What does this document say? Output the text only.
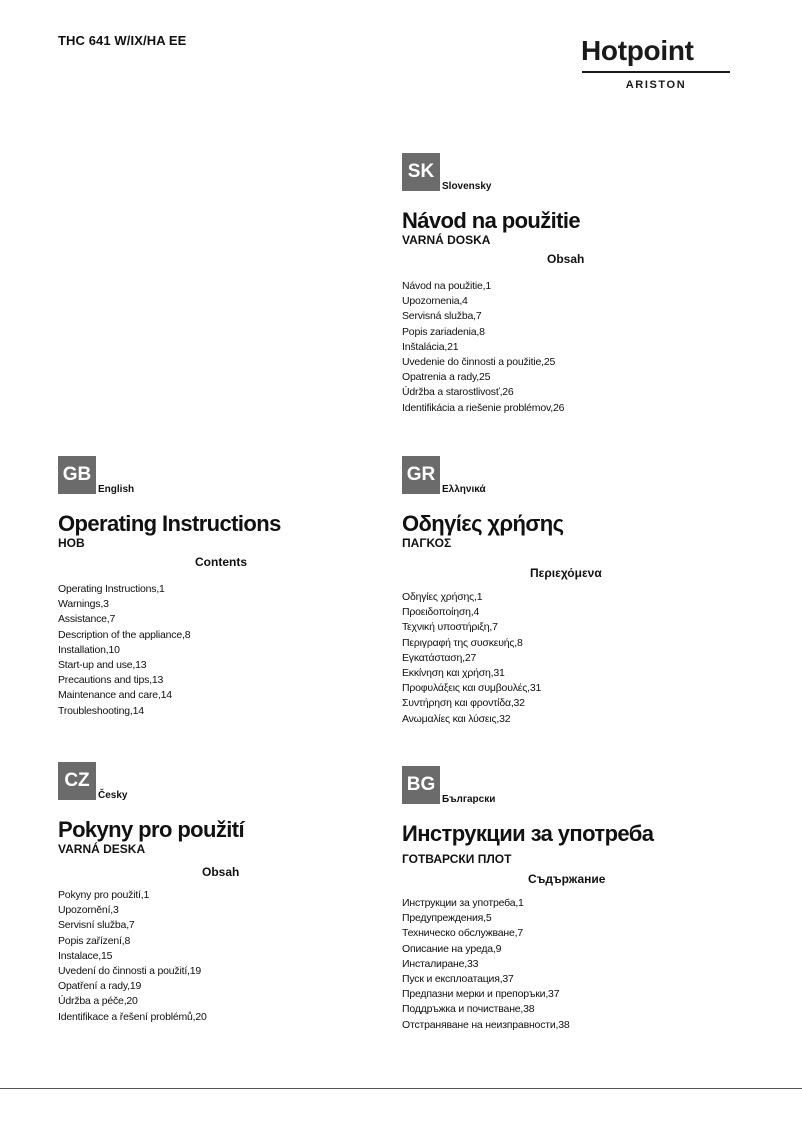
THC 641 W/IX/HA EE	Hotpoint
ARISTON
SK
Slovensky
Návod na použitie
VARNÁ DOSKA
Obsah
Návod na použitie,1
Upozornenia,4
Servisná služba,7
Popis zariadenia,8
Inštalácia,21
Uvedenie do činnosti a použitie,25
Opatrenia a rady,25
Údržba a starostlivosť,26
Identifikácia a riešenie problémov,26
GB
English
Operating Instructions
HOB
Contents
Operating Instructions,1
Warnings,3
Assistance,7
Description of the appliance,8
Installation,10
Start-up and use,13
Precautions and tips,13
Maintenance and care,14
Troubleshooting,14
GR
Ελληνικά
Οδηγίες χρήσης
ΠΑΓΚΟΣ
Περιεχόμενα
Οδηγίες χρήσης,1
Προειδοποίηση,4
Τεχνική υποστήριξη,7
Περιγραφή της συσκευής,8
Εγκατάσταση,27
Εκκίνηση και χρήση,31
Προφυλάξεις και συμβουλές,31
Συντήρηση και φροντίδα,32
Ανωμαλίες και λύσεις,32
CZ
Česky
Pokyny pro použití
VARNÁ DESKA
Obsah
Pokyny pro použití,1
Upozornění,3
Servisní služba,7
Popis zařízení,8
Instalace,15
Uvedení do činnosti a použití,19
Opatření a rady,19
Údržba a péče,20
Identifikace a řešení problémů,20
BG
Български
Инструкции за употреба
ГОТВАРСКИ ПЛОТ
Съдържание
Инструкции за употреба,1
Предупреждения,5
Техническо обслужване,7
Описание на уреда,9
Инсталиране,33
Пуск и експлоатация,37
Предпазни мерки и препоръки,37
Поддръжка и почистване,38
Отстраняване на неизправности,38
